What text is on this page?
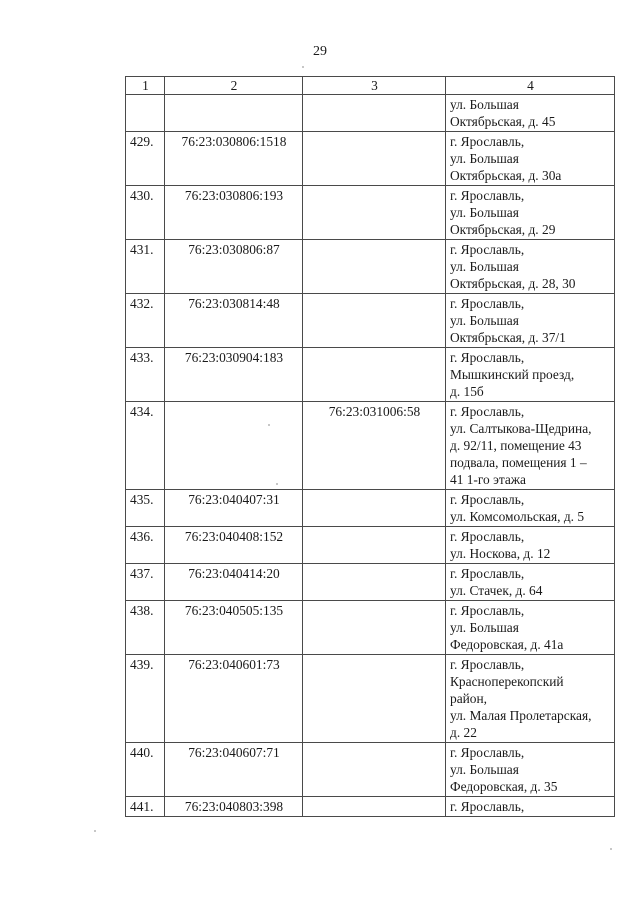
29
1	2	3	4
			ул. Большая
Октябрьская, д. 45
429.	76:23:030806:1518		г. Ярославль,
ул. Большая
Октябрьская, д. 30а
430.	76:23:030806:193		г. Ярославль,
ул. Большая
Октябрьская, д. 29
431.	76:23:030806:87		г. Ярославль,
ул. Большая
Октябрьская, д. 28, 30
432.	76:23:030814:48		г. Ярославль,
ул. Большая
Октябрьская, д. 37/1
433.	76:23:030904:183		г. Ярославль,
Мышкинский проезд,
д. 15б
434.		76:23:031006:58	г. Ярославль,
ул. Салтыкова-Щедрина,
д. 92/11, помещение 43
подвала, помещения 1 –
41 1-го этажа
435.	76:23:040407:31		г. Ярославль,
ул. Комсомольская, д. 5
436.	76:23:040408:152		г. Ярославль,
ул. Носкова, д. 12
437.	76:23:040414:20		г. Ярославль,
ул. Стачек, д. 64
438.	76:23:040505:135		г. Ярославль,
ул. Большая
Федоровская, д. 41а
439.	76:23:040601:73		г. Ярославль,
Красноперекопский
район,
ул. Малая Пролетарская,
д. 22
440.	76:23:040607:71		г. Ярославль,
ул. Большая
Федоровская, д. 35
441.	76:23:040803:398		г. Ярославль,
